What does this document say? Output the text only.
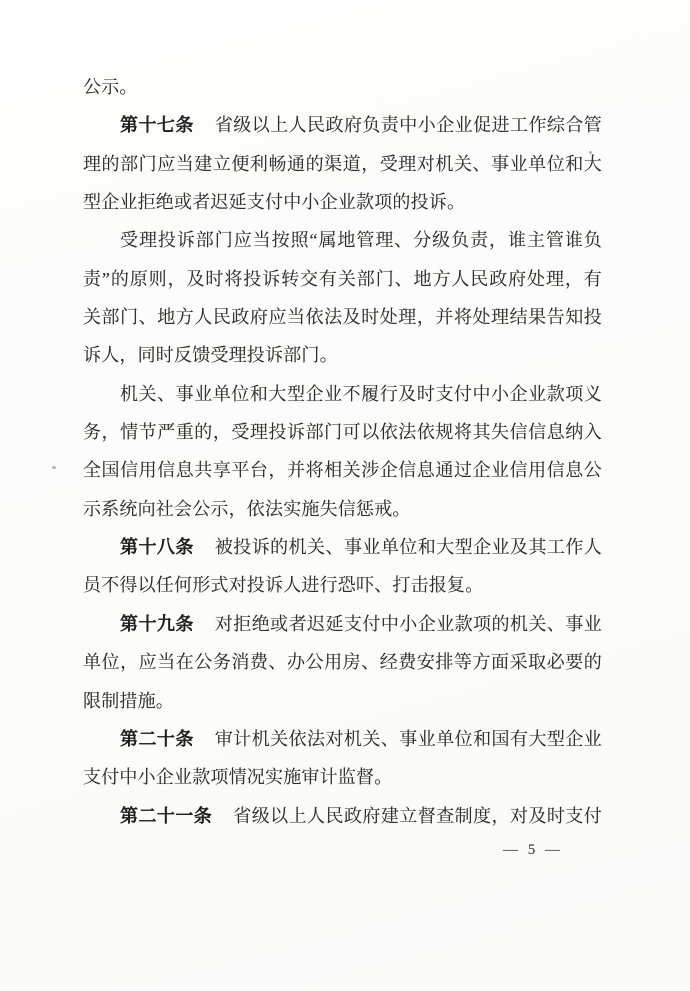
公示。
第十七条 省级以上人民政府负责中小企业促进工作综合管
理的部门应当建立便利畅通的渠道，受理对机关、事业单位和大
型企业拒绝或者迟延支付中小企业款项的投诉。
受理投诉部门应当按照“属地管理、分级负责，谁主管谁负
责”的原则，及时将投诉转交有关部门、地方人民政府处理，有
关部门、地方人民政府应当依法及时处理，并将处理结果告知投
诉人，同时反馈受理投诉部门。
机关、事业单位和大型企业不履行及时支付中小企业款项义
务，情节严重的，受理投诉部门可以依法依规将其失信信息纳入
全国信用信息共享平台，并将相关涉企信息通过企业信用信息公
示系统向社会公示，依法实施失信惩戒。
第十八条 被投诉的机关、事业单位和大型企业及其工作人
员不得以任何形式对投诉人进行恐吓、打击报复。
第十九条 对拒绝或者迟延支付中小企业款项的机关、事业
单位，应当在公务消费、办公用房、经费安排等方面采取必要的
限制措施。
第二十条 审计机关依法对机关、事业单位和国有大型企业
支付中小企业款项情况实施审计监督。
第二十一条 省级以上人民政府建立督查制度，对及时支付
— 5 —
